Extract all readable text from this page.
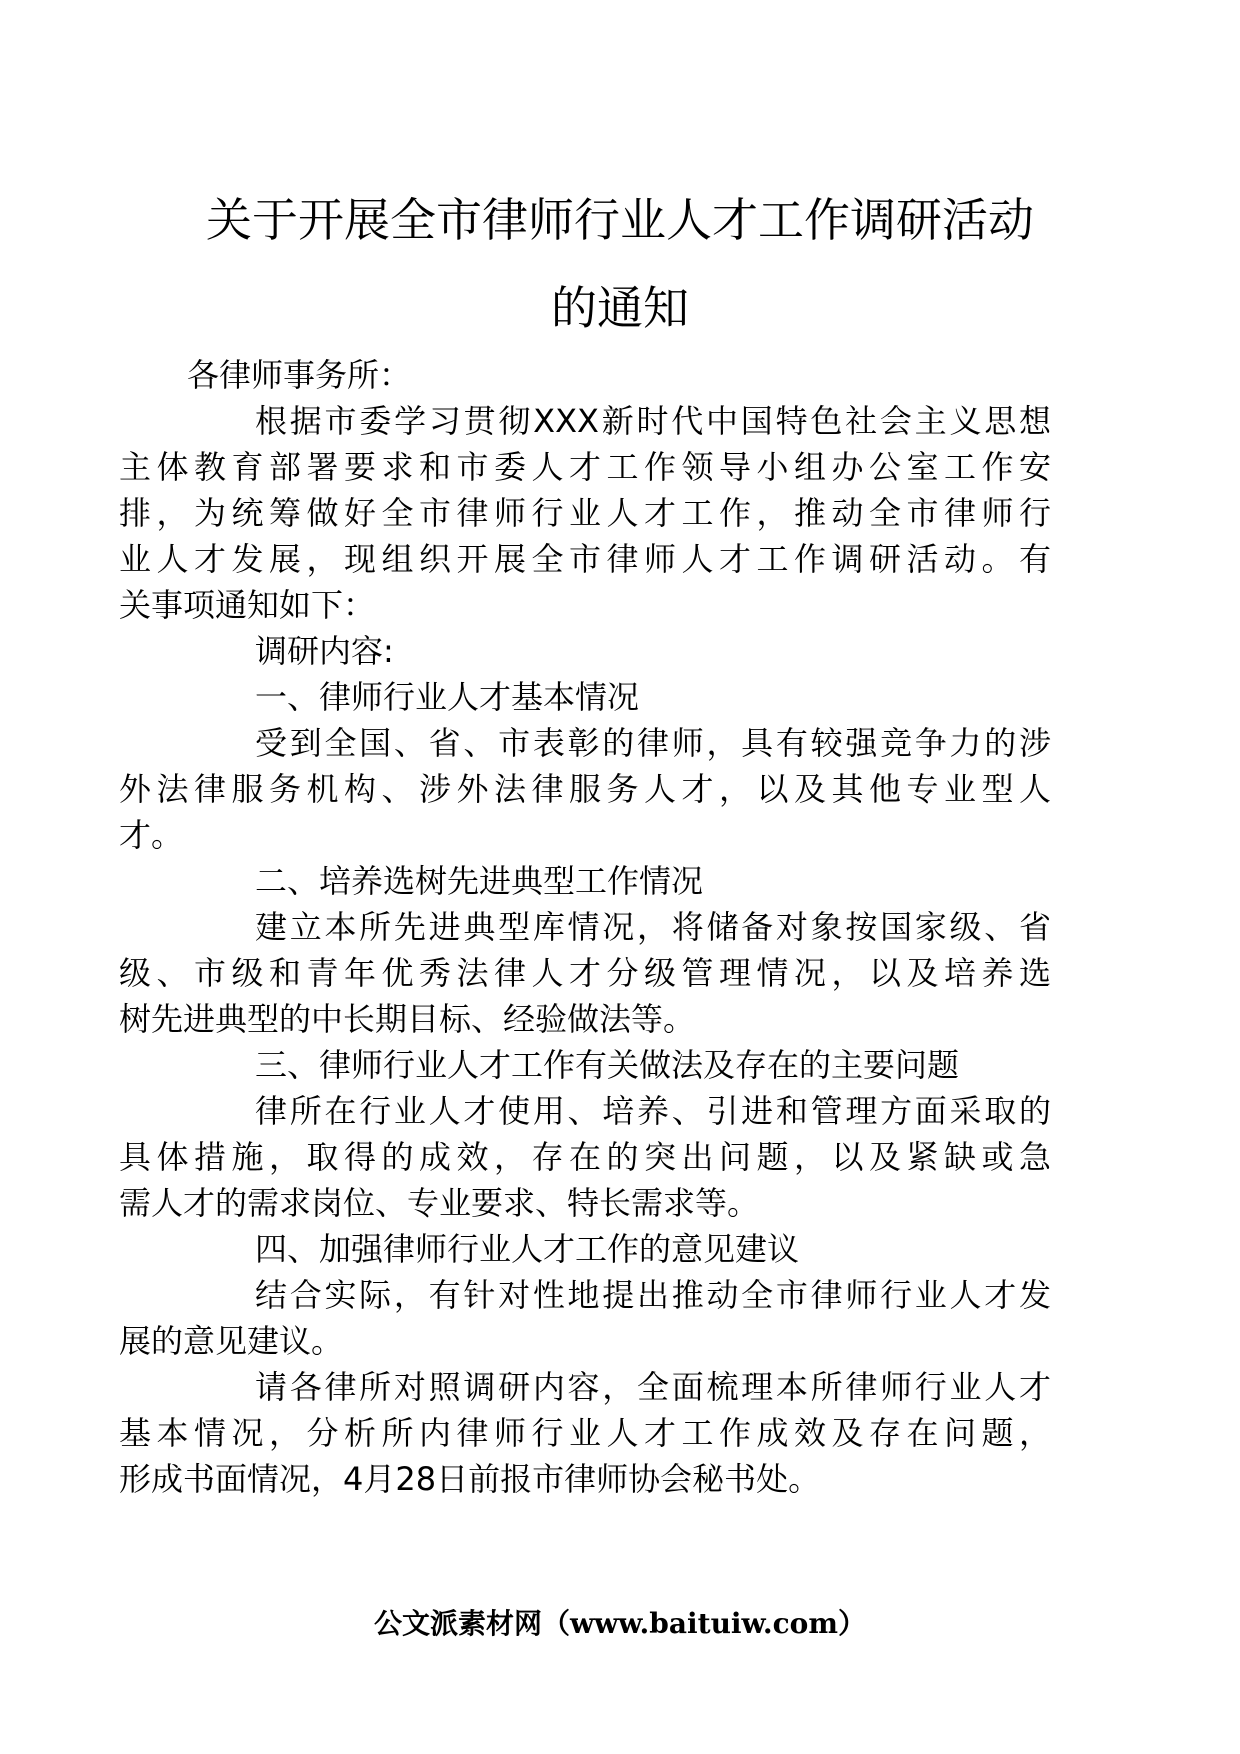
关于开展全市律师行业人才工作调研活动
的通知

各律师事务所：

根据市委学习贯彻XXX新时代中国特色社会主义思想
主体教育部署要求和市委人才工作领导小组办公室工作安
排，为统筹做好全市律师行业人才工作，推动全市律师行
业人才发展，现组织开展全市律师人才工作调研活动。有
关事项通知如下：

调研内容:

一、律师行业人才基本情况

受到全国、省、市表彰的律师，具有较强竞争力的涉
外法律服务机构、涉外法律服务人才，以及其他专业型人
才。

二、培养选树先进典型工作情况

建立本所先进典型库情况，将储备对象按国家级、省
级、市级和青年优秀法律人才分级管理情况，以及培养选
树先进典型的中长期目标、经验做法等。

三、律师行业人才工作有关做法及存在的主要问题

律所在行业人才使用、培养、引进和管理方面采取的
具体措施，取得的成效，存在的突出问题，以及紧缺或急
需人才的需求岗位、专业要求、特长需求等。

四、加强律师行业人才工作的意见建议

结合实际，有针对性地提出推动全市律师行业人才发
展的意见建议。

请各律所对照调研内容，全面梳理本所律师行业人才
基本情况，分析所内律师行业人才工作成效及存在问题，
形成书面情况，4月28日前报市律师协会秘书处。

公文派素材网（www.baituiw.com）
